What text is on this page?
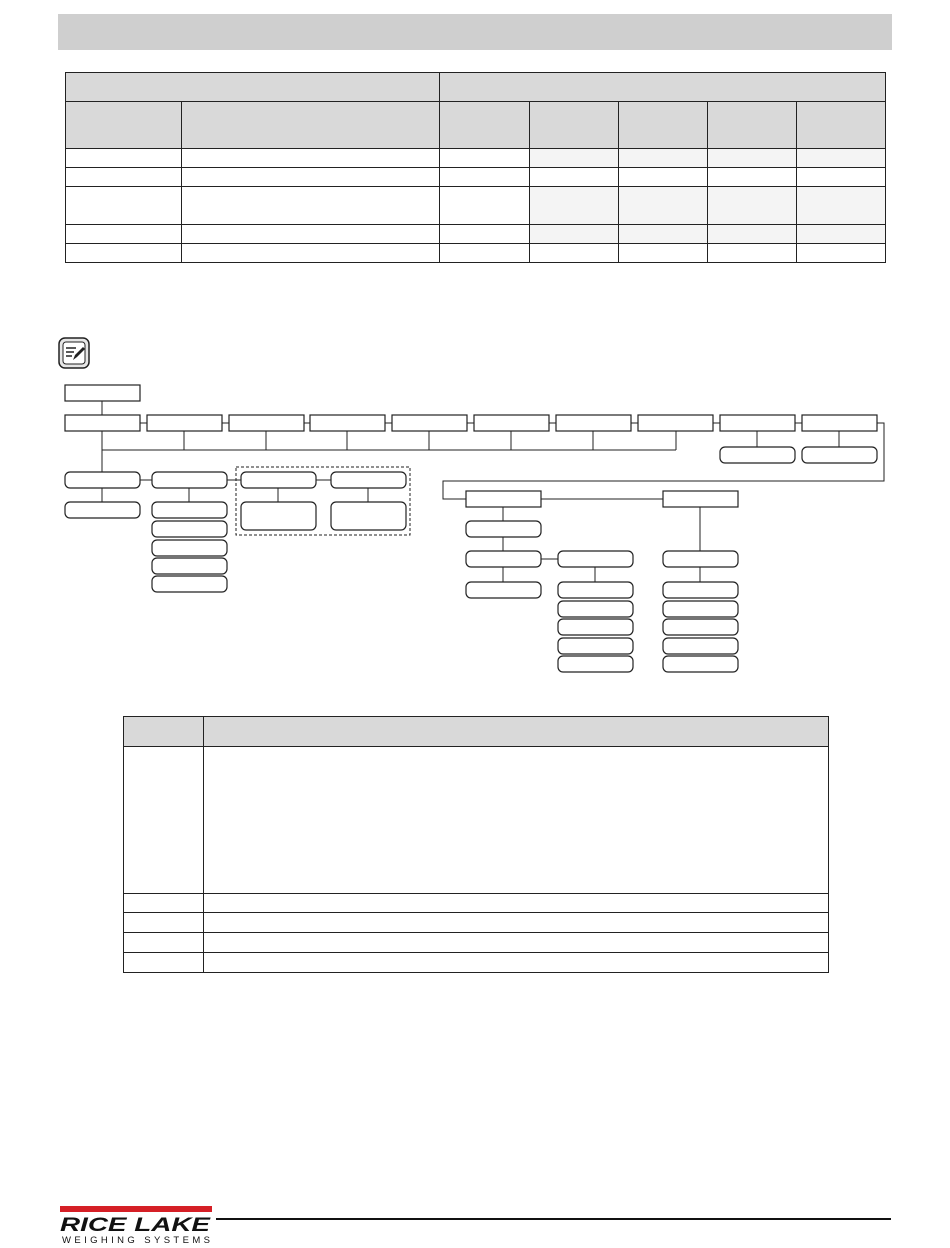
RICE LAKE
WEIGHING SYSTEMS
